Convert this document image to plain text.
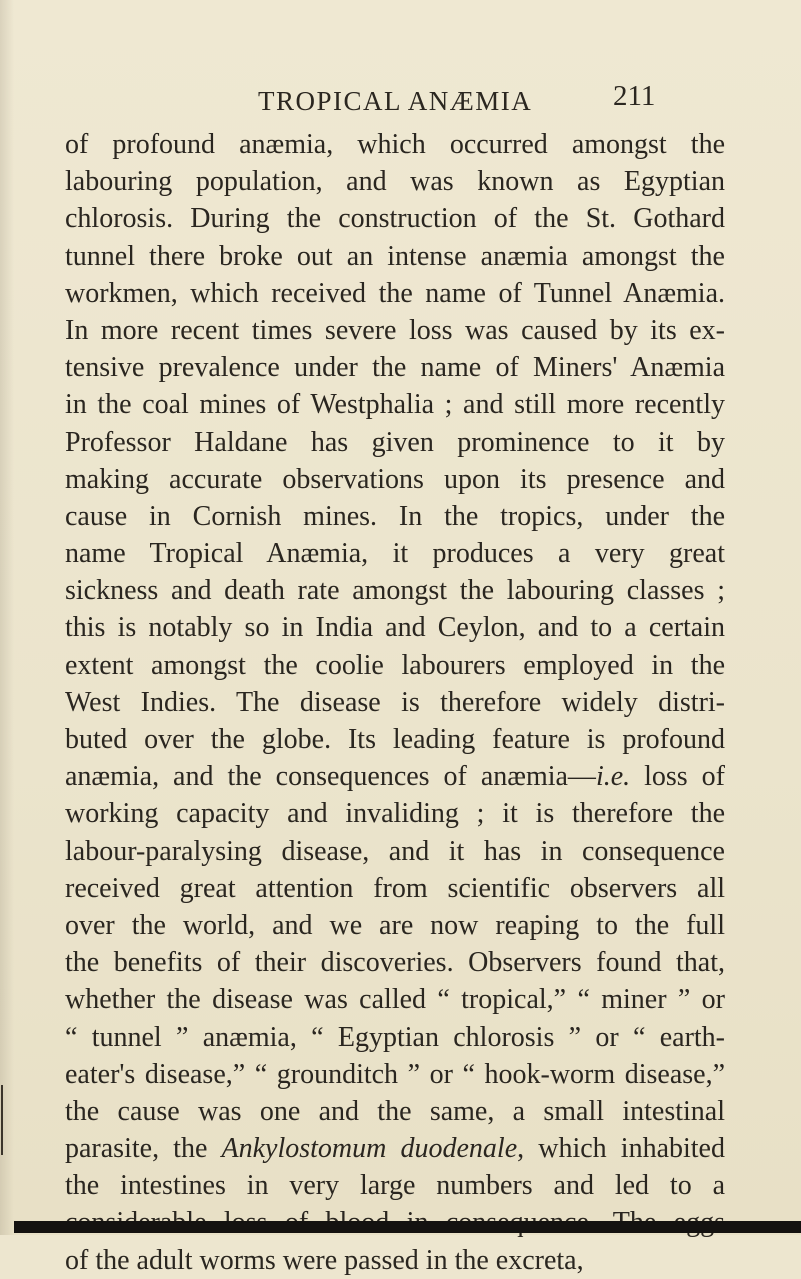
TROPICAL ANÆMIA	211
of profound anæmia, which occurred amongst the
labouring population, and was known as Egyptian
chlorosis. During the construction of the St. Gothard
tunnel there broke out an intense anæmia amongst the
workmen, which received the name of Tunnel Anæmia.
In more recent times severe loss was caused by its ex-
tensive prevalence under the name of Miners' Anæmia
in the coal mines of Westphalia ; and still more recently
Professor Haldane has given prominence to it by
making accurate observations upon its presence and
cause in Cornish mines. In the tropics, under the
name Tropical Anæmia, it produces a very great
sickness and death rate amongst the labouring classes ;
this is notably so in India and Ceylon, and to a certain
extent amongst the coolie labourers employed in the
West Indies. The disease is therefore widely distri-
buted over the globe. Its leading feature is profound
anæmia, and the consequences of anæmia—i.e. loss of
working capacity and invaliding ; it is therefore the
labour-paralysing disease, and it has in consequence
received great attention from scientific observers all
over the world, and we are now reaping to the full
the benefits of their discoveries. Observers found that,
whether the disease was called “ tropical,” “ miner ” or
“ tunnel ” anæmia, “ Egyptian chlorosis ” or “ earth-
eater's disease,” “ grounditch ” or “ hook-worm disease,”
the cause was one and the same, a small intestinal
parasite, the Ankylostomum duodenale, which inhabited
the intestines in very large numbers and led to a
of the adult worms were passed in the excreta,
